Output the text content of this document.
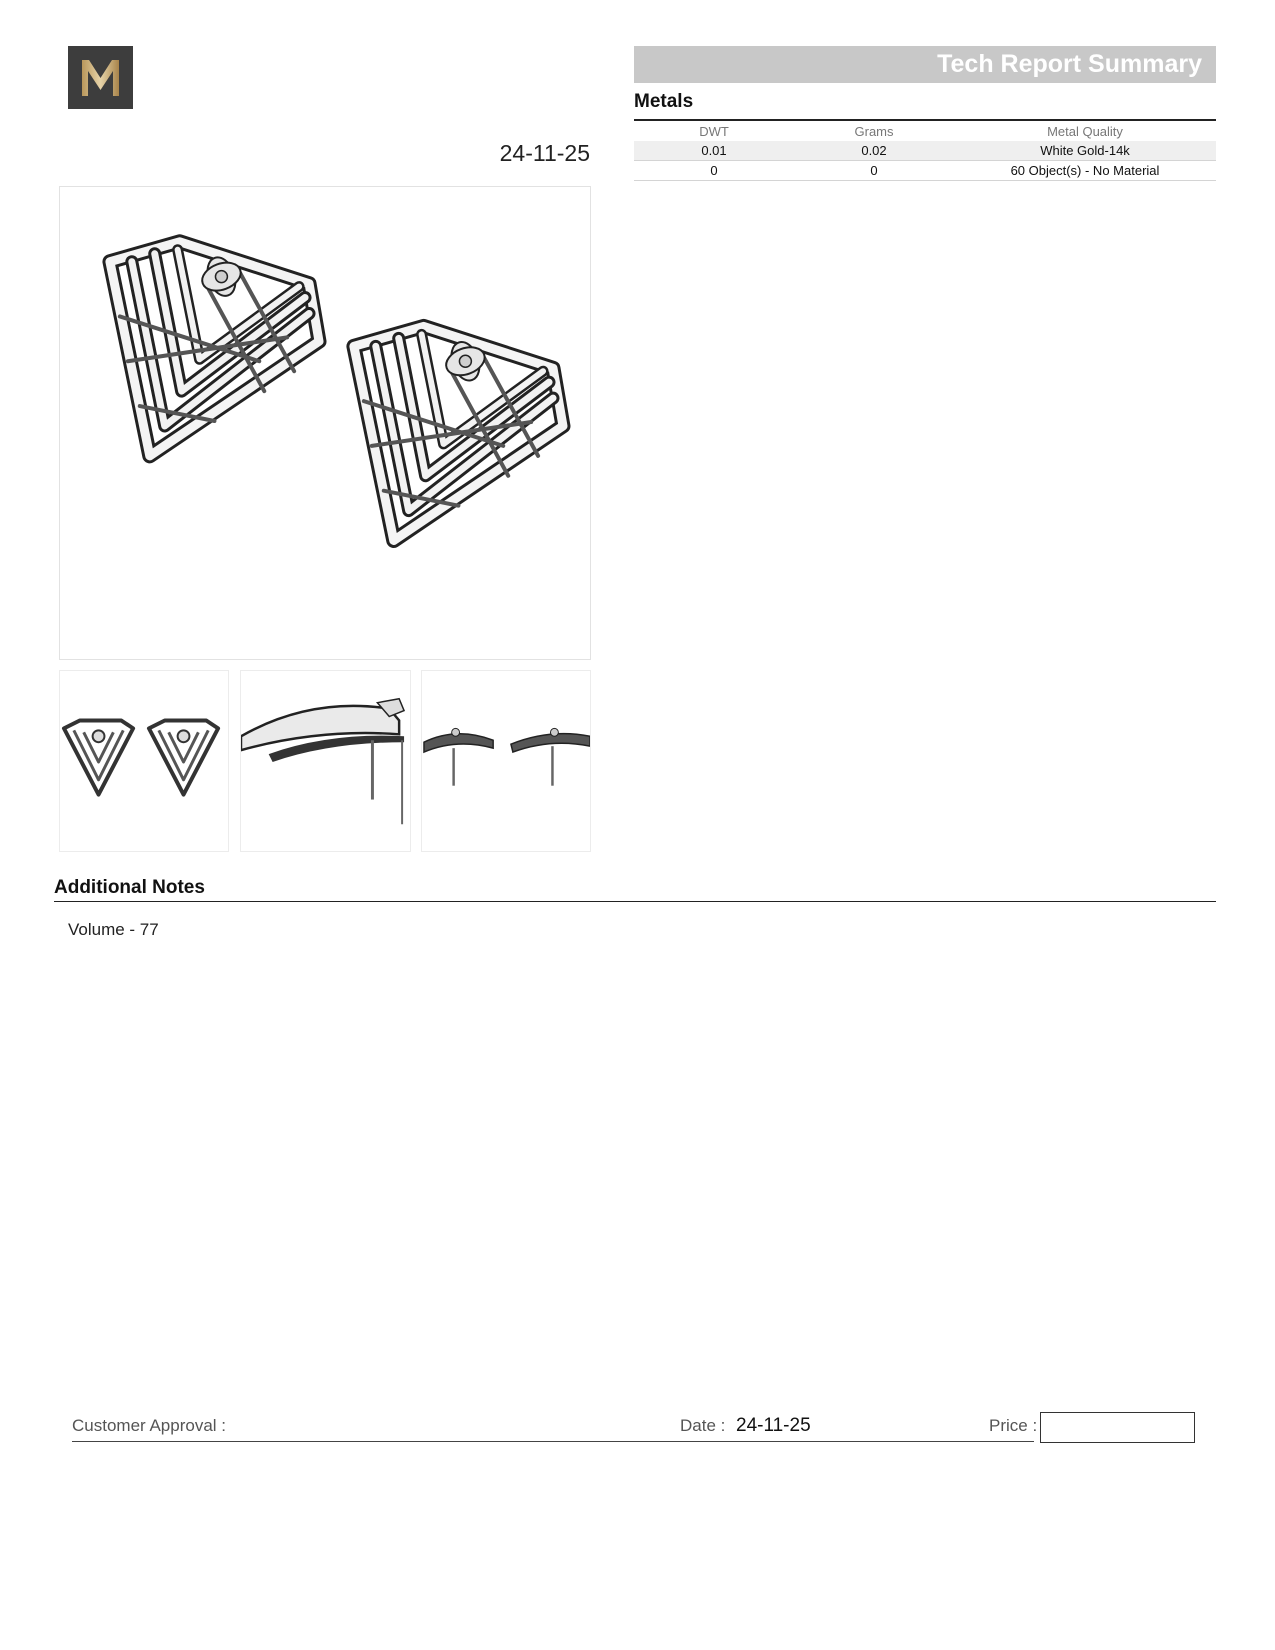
24-11-25
Tech Report Summary
Metals
DWT	Grams	Metal Quality
0.01	0.02	White Gold-14k
0	0	60 Object(s) - No Material
Additional Notes
Volume - 77
Customer Approval :	Date : 24-11-25	Price :
